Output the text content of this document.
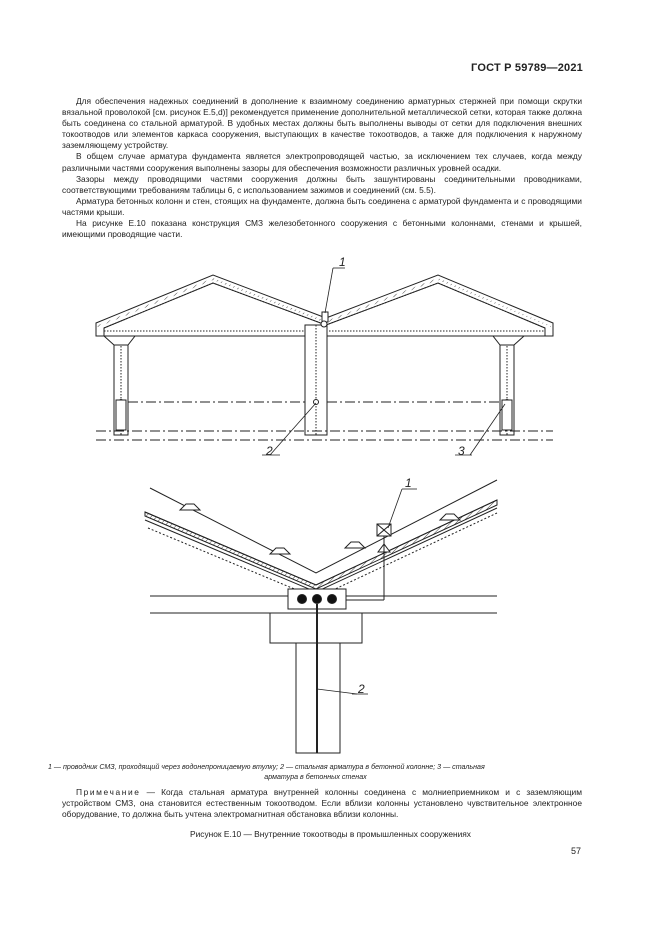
ГОСТ Р 59789—2021

Для обеспечения надежных соединений в дополнение к взаимному соединению арматурных стержней при помощи скрутки вязальной проволокой [см. рисунок Е.5,d)] рекомендуется применение дополнительной металлической сетки, которая также должна быть соединена со стальной арматурой. В удобных местах должны быть выполнены выводы от сетки для подключения внешних токоотводов или элементов каркаса сооружения, выступающих в качестве токоотводов, а также для подключения к наружному заземляющему устройству.

В общем случае арматура фундамента является электропроводящей частью, за исключением тех случаев, когда между различными частями сооружения выполнены зазоры для обеспечения возможности различных уровней осадки.

Зазоры между проводящими частями сооружения должны быть зашунтированы соединительными проводниками, соответствующими требованиям таблицы 6, с использованием зажимов и соединений (см. 5.5).

Арматура бетонных колонн и стен, стоящих на фундаменте, должна быть соединена с арматурой фундамента и с проводящими частями крыши.

На рисунке Е.10 показана конструкция СМЗ железобетонного сооружения с бетонными колоннами, стенами и крышей, имеющими проводящие части.

1
2	3
1
2
1 — проводник СМЗ, проходящий через водонепроницаемую втулку; 2 — стальная арматура в бетонной колонне; 3 — стальная
арматура в бетонных стенах

Примечание — Когда стальная арматура внутренней колонны соединена с молниеприемником и с заземляющим устройством СМЗ, она становится естественным токоотводом. Если вблизи колонны установлено чувствительное электронное оборудование, то должна быть учтена электромагнитная обстановка вблизи колонны.

Рисунок Е.10 — Внутренние токоотводы в промышленных сооружениях
57
